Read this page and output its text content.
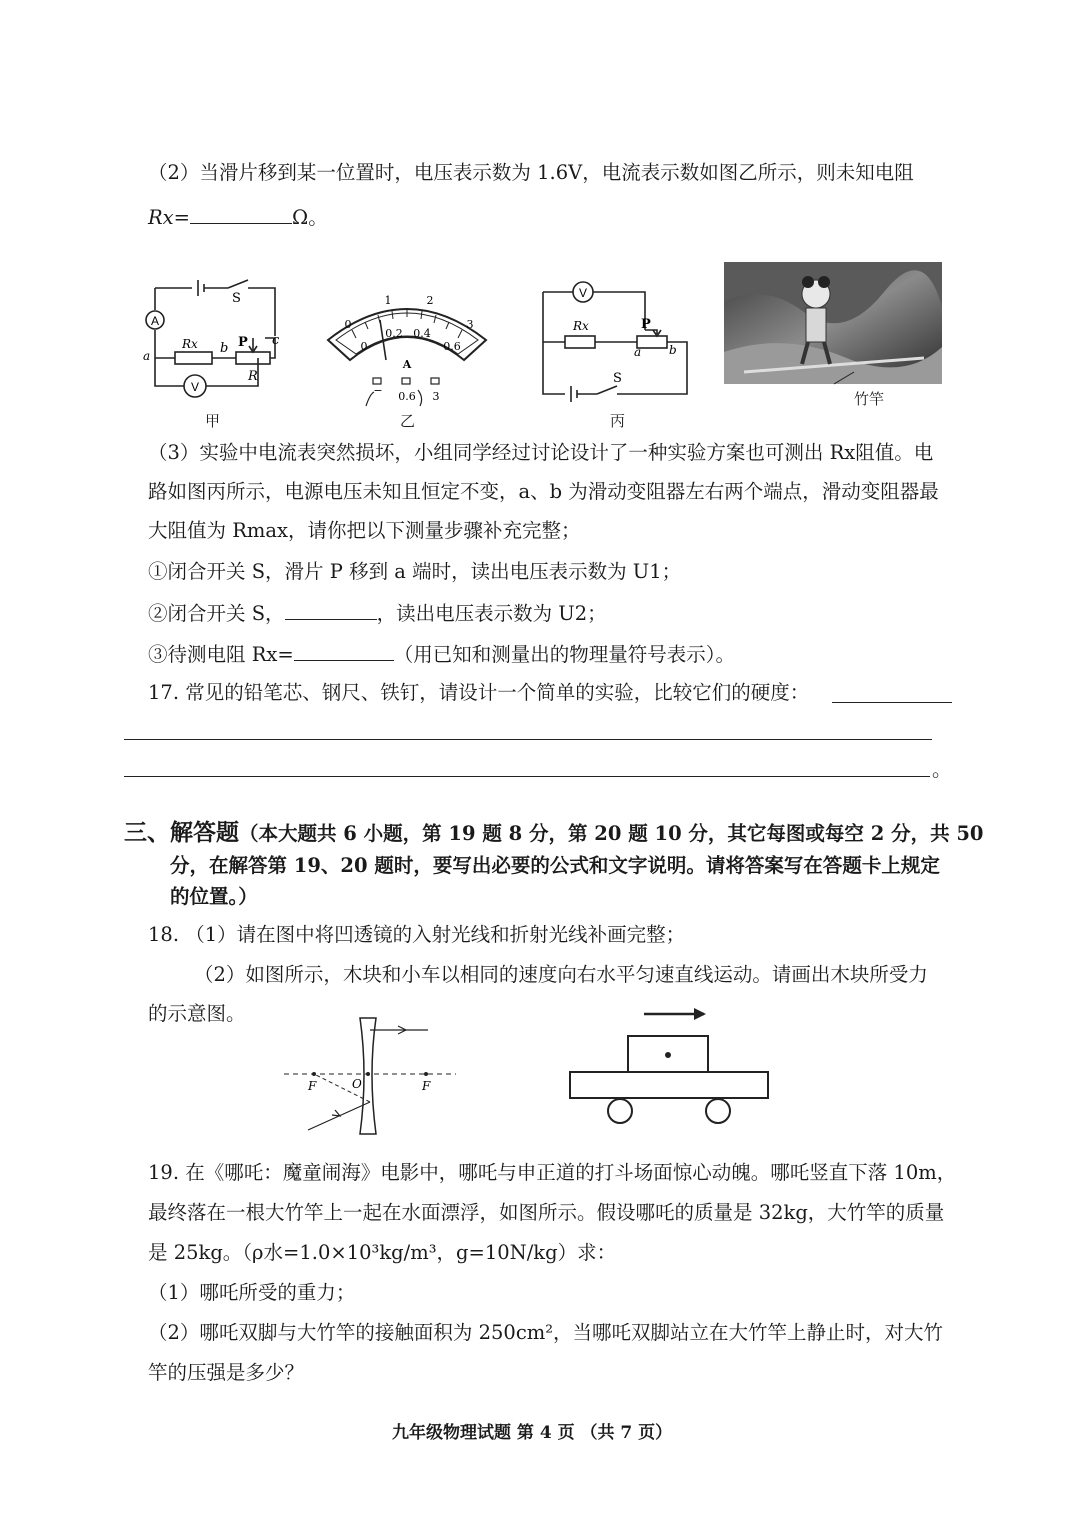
（2）当滑片移到某一位置时，电压表示数为 1.6V，电流表示数如图乙所示，则未知电阻
Rx=	Ω。
A
V
S
a	b
c
P
R
Rx
甲
0
1	2
3
0
0.2 0.4
0.6
A
− 0.6 3
乙
V
Rx	P
a b
S
丙
竹竿
（3）实验中电流表突然损坏，小组同学经过讨论设计了一种实验方案也可测出 Rx阻值。电
路如图丙所示，电源电压未知且恒定不变，a、b 为滑动变阻器左右两个端点，滑动变阻器最
大阻值为 Rmax，请你把以下测量步骤补充完整；
①闭合开关 S，滑片 P 移到 a 端时，读出电压表示数为 U1；
②闭合开关 S，	，读出电压表示数为 U2；
③待测电阻 Rx=	（用已知和测量出的物理量符号表示）。
17. 常见的铅笔芯、钢尺、铁钉，请设计一个简单的实验，比较它们的硬度：
。
三、解答题（本大题共 6 小题，第 19 题 8 分，第 20 题 10 分，其它每图或每空 2 分，共 50
分，在解答第 19、20 题时，要写出必要的公式和文字说明。请将答案写在答题卡上规定
的位置。）
18. （1）请在图中将凹透镜的入射光线和折射光线补画完整；
（2）如图所示，木块和小车以相同的速度向右水平匀速直线运动。请画出木块所受力
的示意图。
F	O	F
19. 在《哪吒：魔童闹海》电影中，哪吒与申正道的打斗场面惊心动魄。哪吒竖直下落 10m，
最终落在一根大竹竿上一起在水面漂浮，如图所示。假设哪吒的质量是 32kg，大竹竿的质量
是 25kg。（ρ水=1.0×10³kg/m³，g=10N/kg）求：
（1）哪吒所受的重力；
（2）哪吒双脚与大竹竿的接触面积为 250cm²，当哪吒双脚站立在大竹竿上静止时，对大竹
竿的压强是多少？
九年级物理试题 第 4 页 （共 7 页）
